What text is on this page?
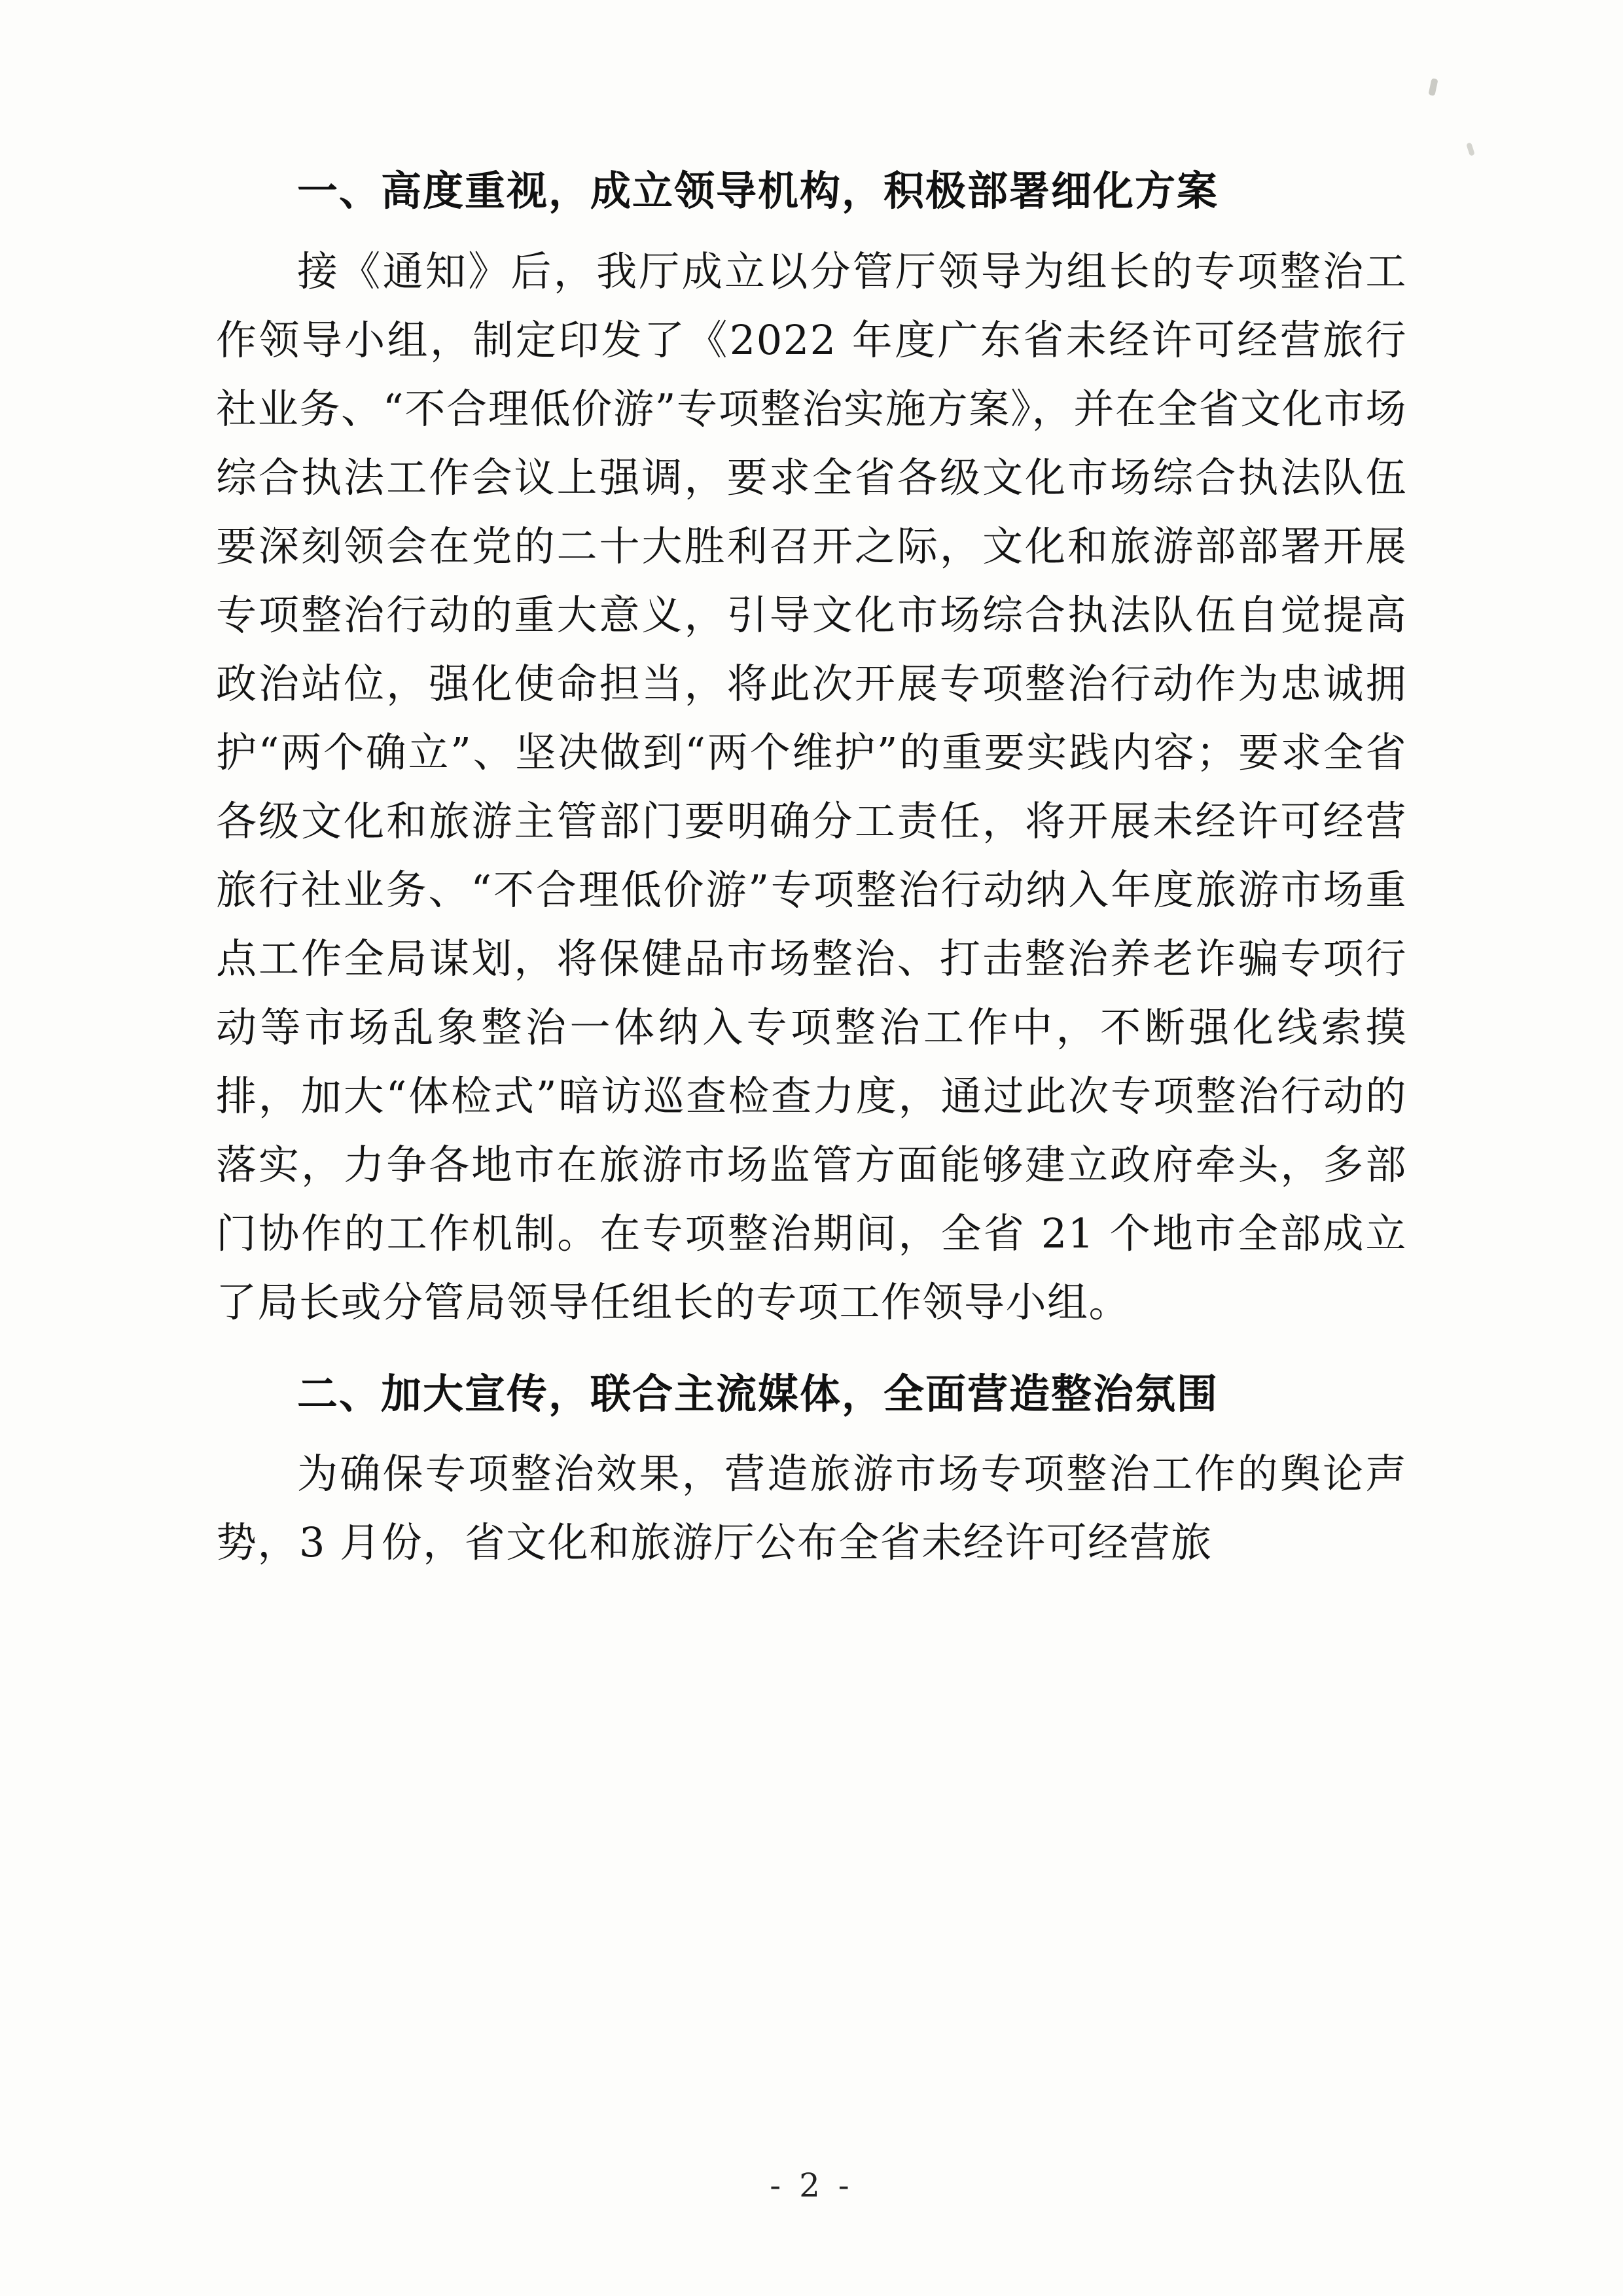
一、高度重视，成立领导机构，积极部署细化方案

接《通知》后，我厅成立以分管厅领导为组长的专项整治工作领导小组，制定印发了《2022 年度广东省未经许可经营旅行社业务、“不合理低价游”专项整治实施方案》，并在全省文化市场综合执法工作会议上强调，要求全省各级文化市场综合执法队伍要深刻领会在党的二十大胜利召开之际，文化和旅游部部署开展专项整治行动的重大意义，引导文化市场综合执法队伍自觉提高政治站位，强化使命担当，将此次开展专项整治行动作为忠诚拥护“两个确立”、坚决做到“两个维护”的重要实践内容；要求全省各级文化和旅游主管部门要明确分工责任，将开展未经许可经营旅行社业务、“不合理低价游”专项整治行动纳入年度旅游市场重点工作全局谋划，将保健品市场整治、打击整治养老诈骗专项行动等市场乱象整治一体纳入专项整治工作中，不断强化线索摸排，加大“体检式”暗访巡查检查力度，通过此次专项整治行动的落实，力争各地市在旅游市场监管方面能够建立政府牵头，多部门协作的工作机制。在专项整治期间，全省 21 个地市全部成立了局长或分管局领导任组长的专项工作领导小组。

二、加大宣传，联合主流媒体，全面营造整治氛围

为确保专项整治效果，营造旅游市场专项整治工作的舆论声势，3 月份，省文化和旅游厅公布全省未经许可经营旅

- 2 -
